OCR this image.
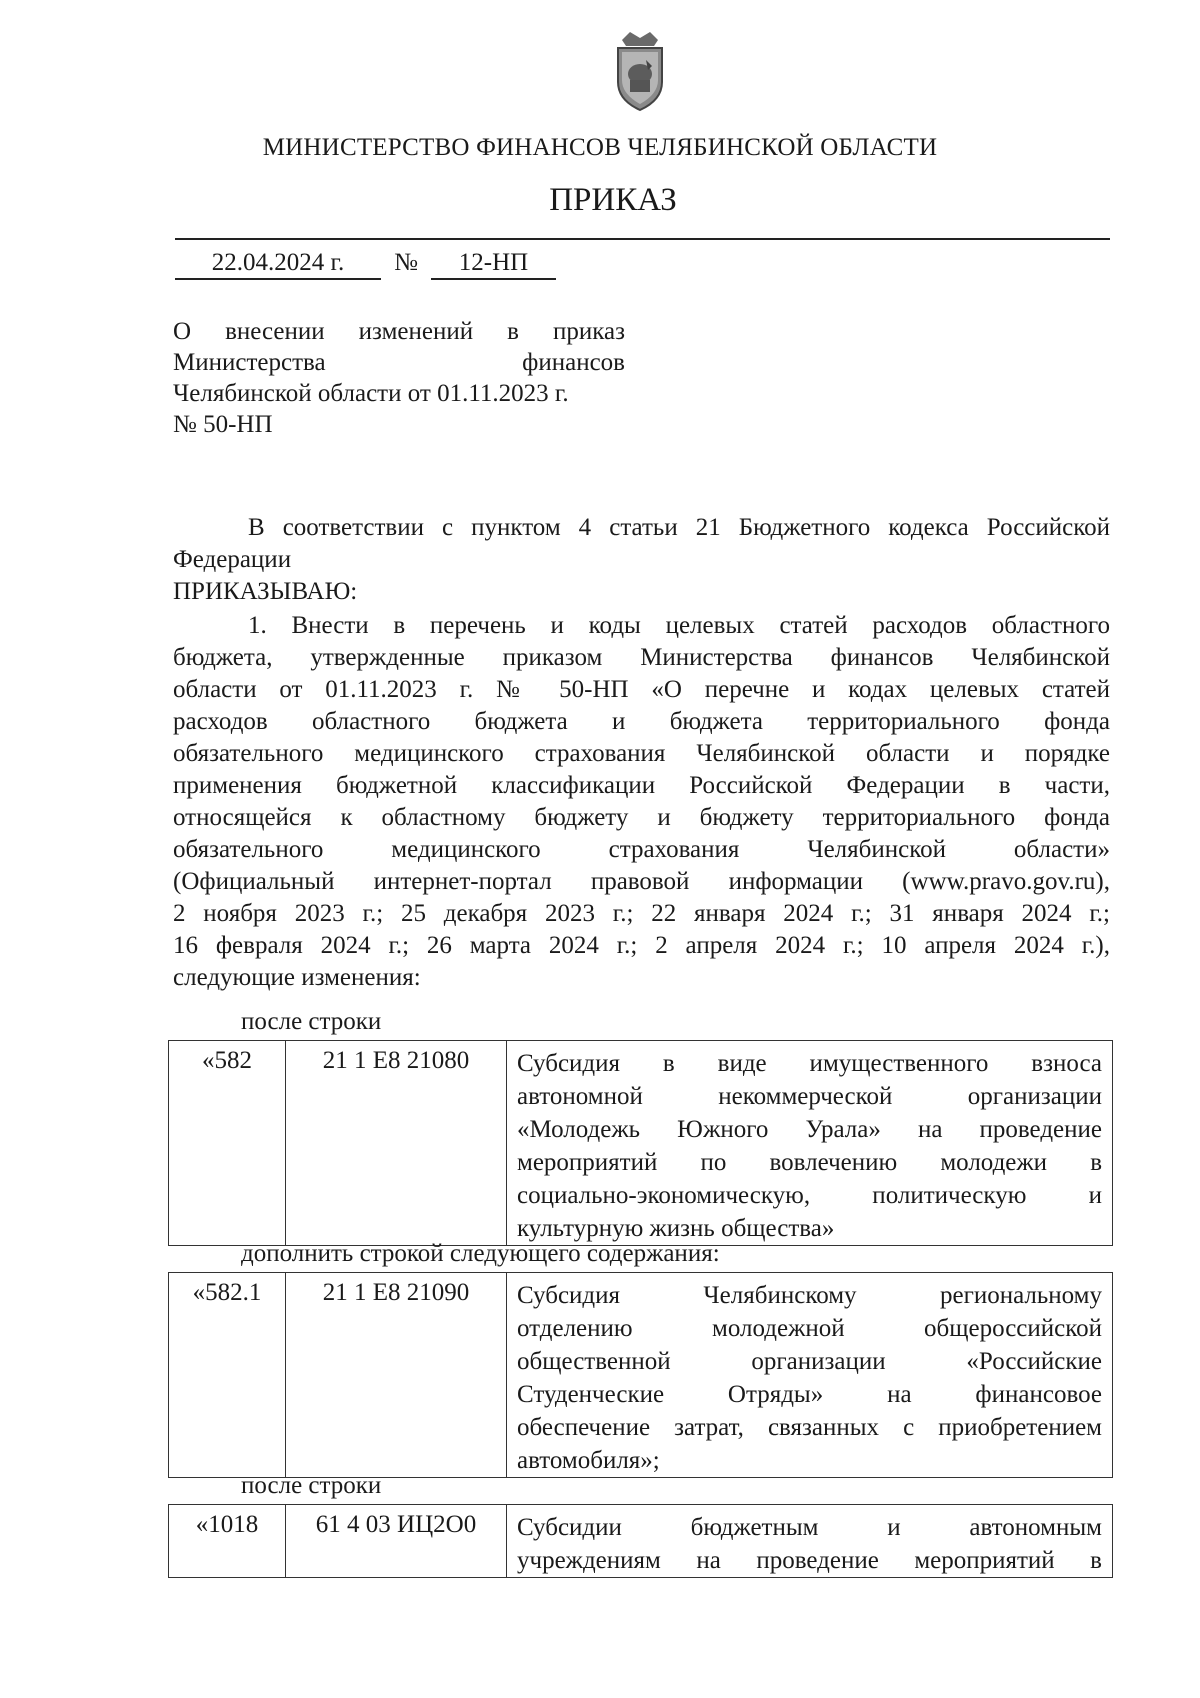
МИНИСТЕРСТВО ФИНАНСОВ ЧЕЛЯБИНСКОЙ ОБЛАСТИ
ПРИКАЗ
22.04.2024 г. № 12-НП
О внесении изменений в приказ
Министерства финансов
Челябинской области от 01.11.2023 г.
№ 50-НП
В соответствии с пунктом 4 статьи 21 Бюджетного кодекса Российской
Федерации
ПРИКАЗЫВАЮ:
1. Внести в перечень и коды целевых статей расходов областного
бюджета, утвержденные приказом Министерства финансов Челябинской
области от 01.11.2023 г. № 50-НП «О перечне и кодах целевых статей
расходов областного бюджета и бюджета территориального фонда
обязательного медицинского страхования Челябинской области и порядке
применения бюджетной классификации Российской Федерации в части,
относящейся к областному бюджету и бюджету территориального фонда
обязательного медицинского страхования Челябинской области»
(Официальный интернет-портал правовой информации (www.pravo.gov.ru),
2 ноября 2023 г.; 25 декабря 2023 г.; 22 января 2024 г.; 31 января 2024 г.;
16 февраля 2024 г.; 26 марта 2024 г.; 2 апреля 2024 г.; 10 апреля 2024 г.),
следующие изменения:
после строки
«582	21 1 Е8 21080	Субсидия в виде имущественного взноса
автономной некоммерческой организации
«Молодежь Южного Урала» на проведение
мероприятий по вовлечению молодежи в
социально-экономическую, политическую и
культурную жизнь общества»
дополнить строкой следующего содержания:
«582.1	21 1 Е8 21090	Субсидия Челябинскому региональному
отделению молодежной общероссийской
общественной организации «Российские
Студенческие Отряды» на финансовое
обеспечение затрат, связанных с приобретением
автомобиля»;
после строки
«1018	61 4 03 ИЦ2О0	Субсидии бюджетным и автономным
учреждениям на проведение мероприятий в
